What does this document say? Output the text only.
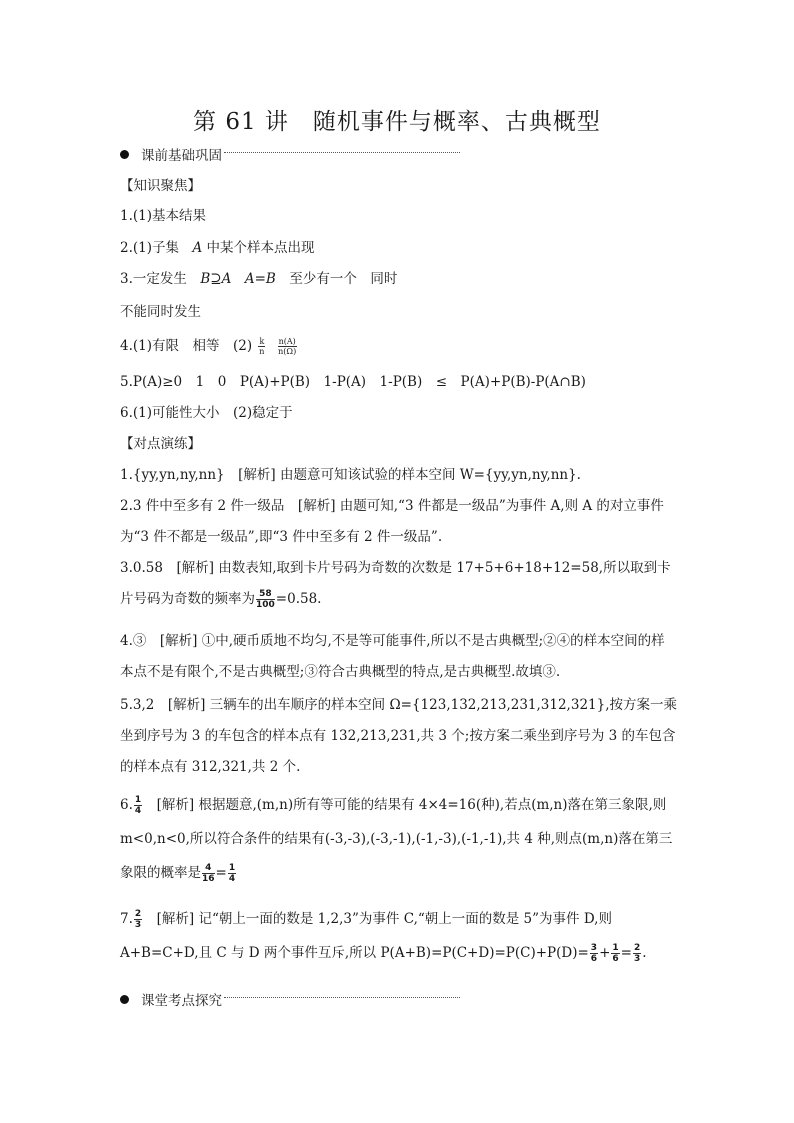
第 61 讲　随机事件与概率、古典概型
课前基础巩固
【知识聚焦】
1.(1)基本结果
2.(1)子集　A 中某个样本点出现
3.一定发生　B⊇A　A=B　至少有一个　同时
不能同时发生
4.(1)有限　相等　$(2) \frac{k}{n}$
$\frac{n(A)}{n(\Omega)}$
5.P(A)≥0　1　0　P(A)+P(B)　1-P(A)　1-P(B)　≤　P(A)+P(B)-P(A∩B)
6.(1)可能性大小　(2)稳定于
【对点演练】
1.{yy,yn,ny,nn}　[解析] 由题意可知该试验的样本空间 W={yy,yn,ny,nn}.
2.3 件中至多有 2 件一级品　[解析] 由题可知,“3 件都是一级品”为事件 A,则 A 的对立事件为“3 件不都是一级品”,即“3 件中至多有 2 件一级品”.
3.0.58　[解析] 由数表知,取到卡片号码为奇数的次数是 17+5+6+18+12=58,所以取到卡片号码为奇数的频率为 $\frac{58}{100} =0.58$.
4.③　[解析] ①中,硬币质地不均匀,不是等可能事件,所以不是古典概型;②④的样本空间的样本点不是有限个,不是古典概型;③符合古典概型的特点,是古典概型.故填③.
5.3,2　[解析] 三辆车的出车顺序的样本空间 Ω={123,132,213,231,312,321},按方案一乘坐到序号为 3 的车包含的样本点有 132,213,231,共 3 个;按方案二乘坐到序号为 3 的车包含的样本点有 312,321,共 2 个.
6. $\frac{1}{4}$ 　[解析] 根据题意,(m,n)所有等可能的结果有 4×4=16(种),若点(m,n)落在第三象限,则 m<0,n<0,所以符合条件的结果有(-3,-3),(-3,-1),(-1,-3),(-1,-1),共 4 种,则点(m,n)落在第三象限的概率是 $\frac{4}{16} = \frac{1}{4}$
7. $\frac{2}{3}$ 　[解析] 记“朝上一面的数是 1,2,3”为事件 C,“朝上一面的数是 5”为事件 D,则 A+B=C+D,且 C 与 D 两个事件互斥,所以 $P(A+B)=P(C+D)=P(C)+P(D)= \frac{3}{6} + \frac{1}{6} = \frac{2}{3}$ .
课堂考点探究
